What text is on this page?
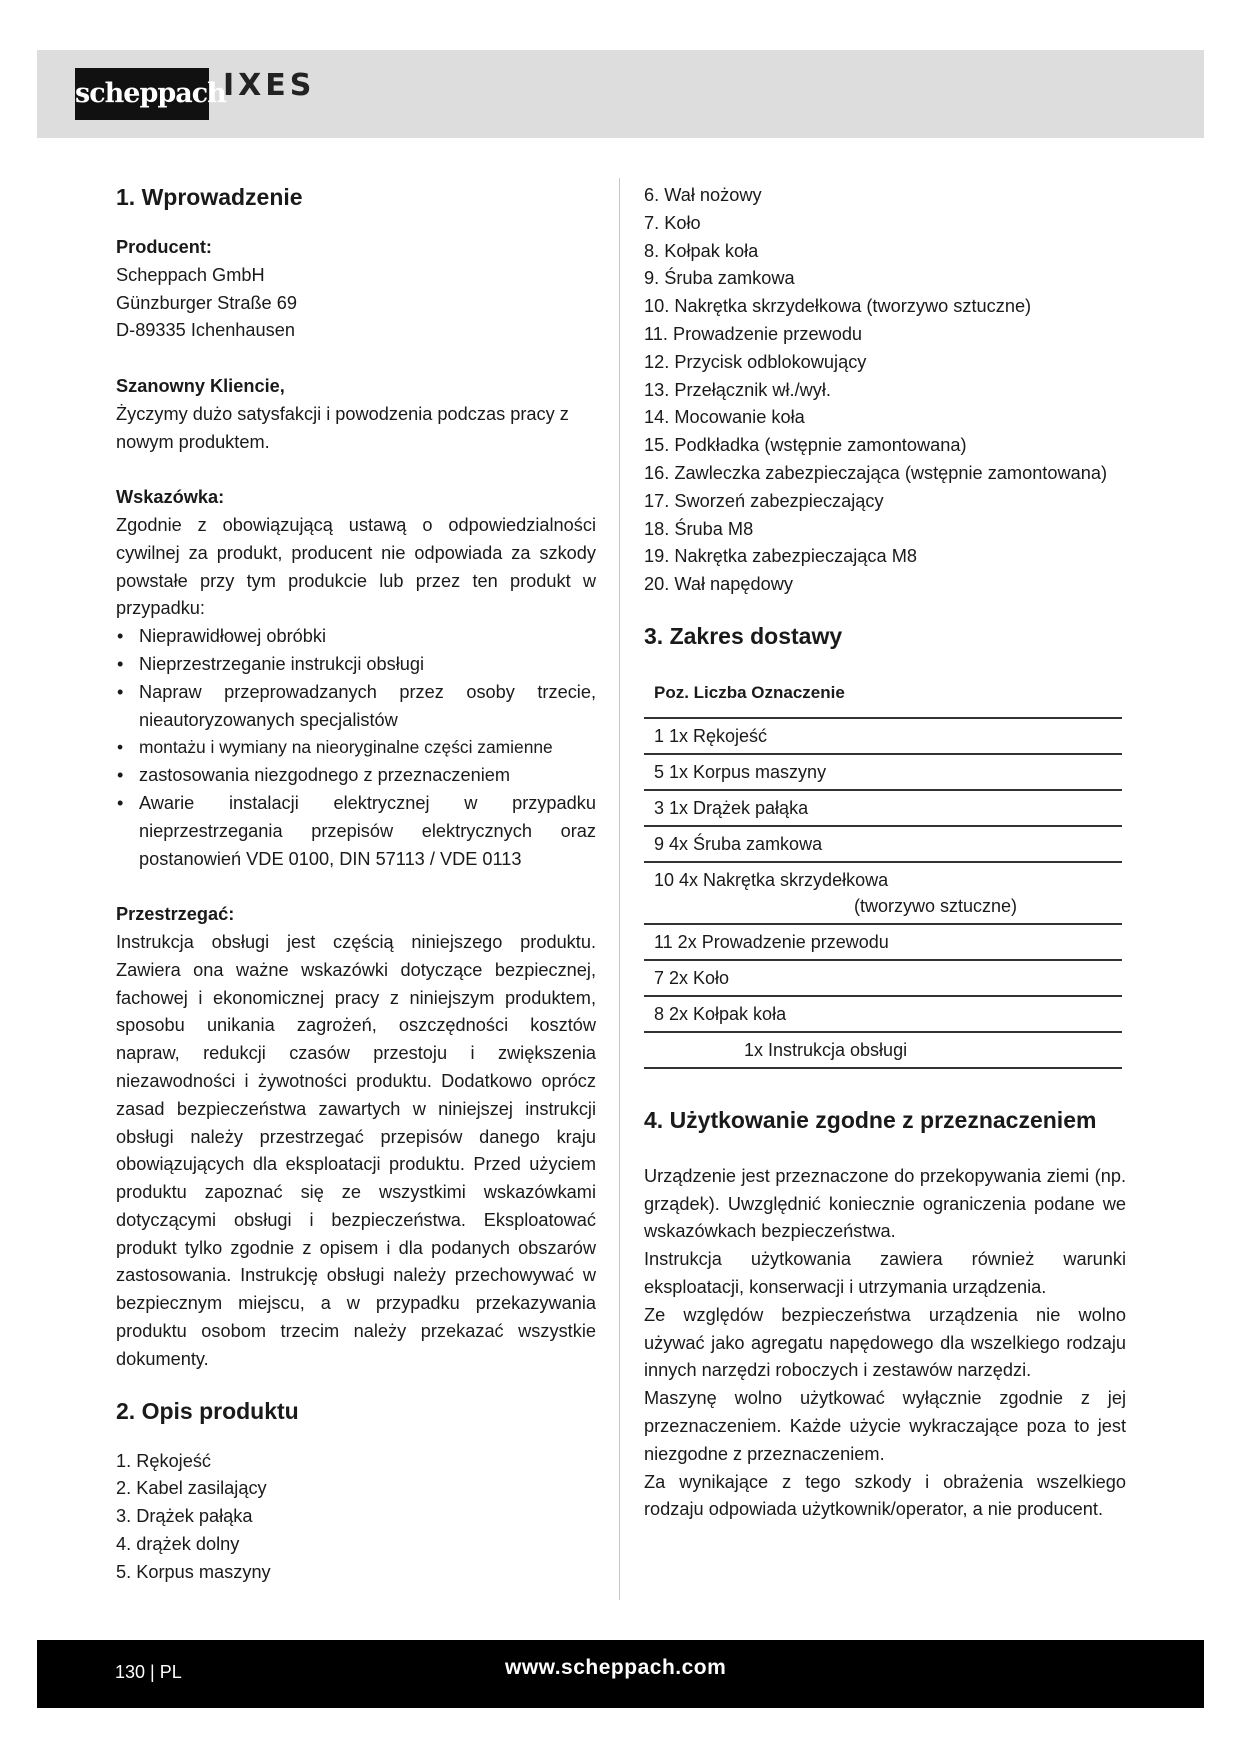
scheppach
IXES
1. Wprowadzenie
Producent:
Scheppach GmbH
Günzburger Straße 69
D-89335 Ichenhausen
Szanowny Kliencie,
Życzymy dużo satysfakcji i powodzenia podczas pracy z nowym produktem.
Wskazówka:
Zgodnie z obowiązującą ustawą o odpowiedzialności cywilnej za produkt, producent nie odpowiada za szkody powstałe przy tym produkcie lub przez ten produkt w przypadku:
• Nieprawidłowej obróbki
• Nieprzestrzeganie instrukcji obsługi
• Napraw przeprowadzanych przez osoby trzecie, nieautoryzowanych specjalistów
• montażu i wymiany na nieoryginalne części zamienne
• zastosowania niezgodnego z przeznaczeniem
• Awarie instalacji elektrycznej w przypadku nieprzestrzegania przepisów elektrycznych oraz postanowień VDE 0100, DIN 57113 / VDE 0113
Przestrzegać:
Instrukcja obsługi jest częścią niniejszego produktu. Zawiera ona ważne wskazówki dotyczące bezpiecznej, fachowej i ekonomicznej pracy z niniejszym produktem, sposobu unikania zagrożeń, oszczędności kosztów napraw, redukcji czasów przestoju i zwiększenia niezawodności i żywotności produktu. Dodatkowo oprócz zasad bezpieczeństwa zawartych w niniejszej instrukcji obsługi należy przestrzegać przepisów danego kraju obowiązujących dla eksploatacji produktu. Przed użyciem produktu zapoznać się ze wszystkimi wskazówkami dotyczącymi obsługi i bezpieczeństwa. Eksploatować produkt tylko zgodnie z opisem i dla podanych obszarów zastosowania. Instrukcję obsługi należy przechowywać w bezpiecznym miejscu, a w przypadku przekazywania produktu osobom trzecim należy przekazać wszystkie dokumenty.
2. Opis produktu
1. Rękojeść
2. Kabel zasilający
3. Drążek pałąka
4. drążek dolny
5. Korpus maszyny
6. Wał nożowy
7. Koło
8. Kołpak koła
9. Śruba zamkowa
10. Nakrętka skrzydełkowa (tworzywo sztuczne)
11. Prowadzenie przewodu
12. Przycisk odblokowujący
13. Przełącznik wł./wył.
14. Mocowanie koła
15. Podkładka (wstępnie zamontowana)
16. Zawleczka zabezpieczająca (wstępnie zamontowana)
17. Sworzeń zabezpieczający
18. Śruba M8
19. Nakrętka zabezpieczająca M8
20. Wał napędowy
3. Zakres dostawy
Poz. Liczba Oznaczenie
1 1x Rękojeść
5 1x Korpus maszyny
3 1x Drążek pałąka
9 4x Śruba zamkowa
10 4x Nakrętka skrzydełkowa
(tworzywo sztuczne)
11 2x Prowadzenie przewodu
7 2x Koło
8 2x Kołpak koła
1x Instrukcja obsługi
4. Użytkowanie zgodne z przeznaczeniem
Urządzenie jest przeznaczone do przekopywania ziemi (np. grządek). Uwzględnić koniecznie ograniczenia podane we wskazówkach bezpieczeństwa.
Instrukcja użytkowania zawiera również warunki eksploatacji, konserwacji i utrzymania urządzenia.
Ze względów bezpieczeństwa urządzenia nie wolno używać jako agregatu napędowego dla wszelkiego rodzaju innych narzędzi roboczych i zestawów narzędzi.
Maszynę wolno użytkować wyłącznie zgodnie z jej przeznaczeniem. Każde użycie wykraczające poza to jest niezgodne z przeznaczeniem.
Za wynikające z tego szkody i obrażenia wszelkiego rodzaju odpowiada użytkownik/operator, a nie producent.
130 | PL	www.scheppach.com
